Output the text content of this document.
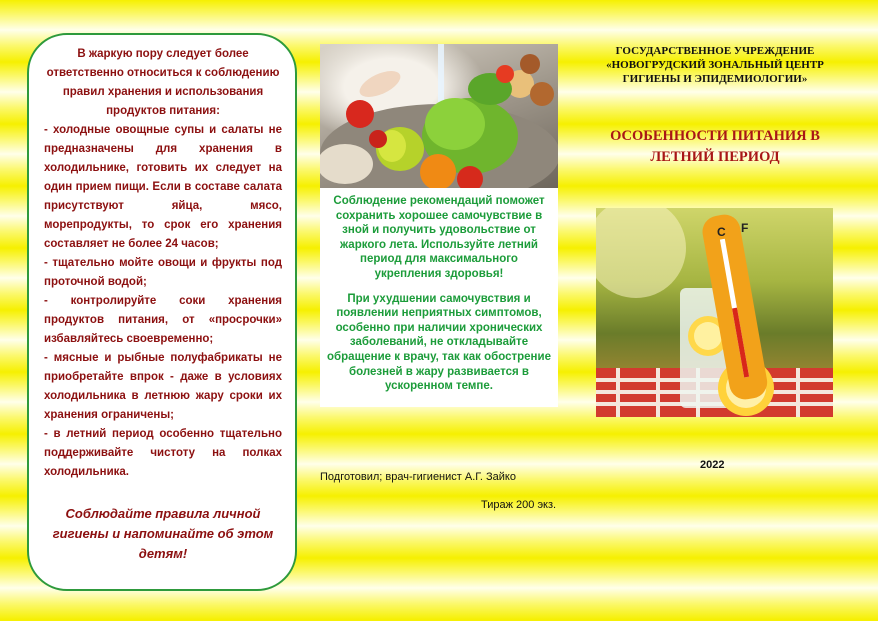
В жаркую пору следует более ответственно относиться к соблюдению правил хранения и использования продуктов питания:

- холодные овощные супы и салаты не предназначены для хранения в холодильнике, готовить их следует на один прием пищи. Если в составе салата присутствуют яйца, мясо, морепродукты, то срок его хранения составляет не более 24 часов;

- тщательно мойте овощи и фрукты под проточной водой;

- контролируйте соки хранения продуктов питания, от «просрочки» избавляйтесь своевременно;

- мясные и рыбные полуфабрикаты не приобретайте впрок - даже в условиях холодильника в летнюю жару сроки их хранения ограничены;

- в летний период особенно тщательно поддерживайте чистоту на полках холодильника.

Соблюдайте правила личной гигиены и напоминайте об этом детям!

Соблюдение рекомендаций поможет сохранить хорошее самочувствие в зной и получить удовольствие от жаркого лета. Используйте летний период для максимального укрепления здоровья!

При ухудшении самочувствия и появлении неприятных симптомов, особенно при наличии хронических заболеваний, не откладывайте обращение к врачу, так как обострение болезней в жару развивается в ускоренном темпе.

ГОСУДАРСТВЕННОЕ УЧРЕЖДЕНИЕ «НОВОГРУДСКИЙ ЗОНАЛЬНЫЙ ЦЕНТР ГИГИЕНЫ И ЭПИДЕМИОЛОГИИ»
ОСОБЕННОСТИ ПИТАНИЯ В ЛЕТНИЙ ПЕРИОД
C F
2022
Подготовил; врач-гигиенист А.Г. Зайко
Тираж 200 экз.
